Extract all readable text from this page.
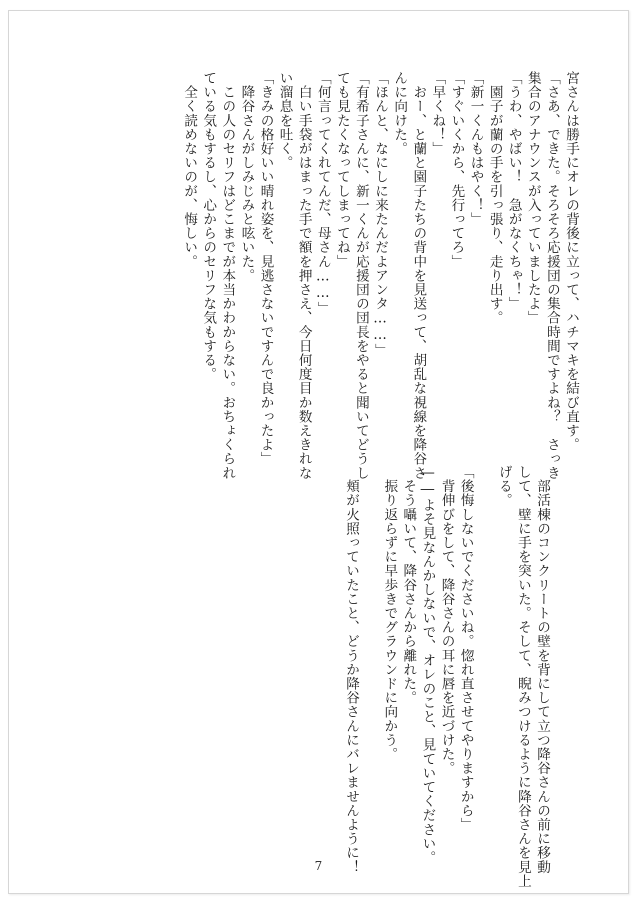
宮さんは勝手にオレの背後に立って、ハチマキを結び直す。
「さあ、できた。そろそろ応援団の集合時間ですよね？　さっき
集合のアナウンスが入っていましたよ」
「うわ、やばい！　急がなくちゃ！」
　園子が蘭の手を引っ張り、走り出す。
「新一くんもはやく！」
「すぐいくから、先行ってろ」
「早くね！」
　おー、と蘭と園子たちの背中を見送って、胡乱な視線を降谷さ
んに向けた。
「ほんと、なにしに来たんだよアンタ……」
「有希子さんに、新一くんが応援団の団長をやると聞いてどうし
ても見たくなってしまってね」
「何言ってくれてんだ、母さん……」
　白い手袋がはまった手で額を押さえ、今日何度目か数えきれな
い溜息を吐く。
「きみの格好いい晴れ姿を、見逃さないですんで良かったよ」
　降谷さんがしみじみと呟いた。
　この人のセリフはどこまでが本当かわからない。おちょくられ
ている気もするし、心からのセリフな気もする。
　全く読めないのが、悔しい。
　部活棟のコンクリートの壁を背にして立つ降谷さんの前に移動
して、壁に手を突いた。そして、睨みつけるように降谷さんを見上
げる。

「後悔しないでくださいね。惚れ直させてやりますから」
　背伸びをして、降谷さんの耳に唇を近づけた。
――よそ見なんかしないで、オレのこと、見ていてください。
　そう囁いて、降谷さんから離れた。
　振り返らずに早歩きでグラウンドに向かう。

　頬が火照っていたこと、どうか降谷さんにバレませんように！
7
